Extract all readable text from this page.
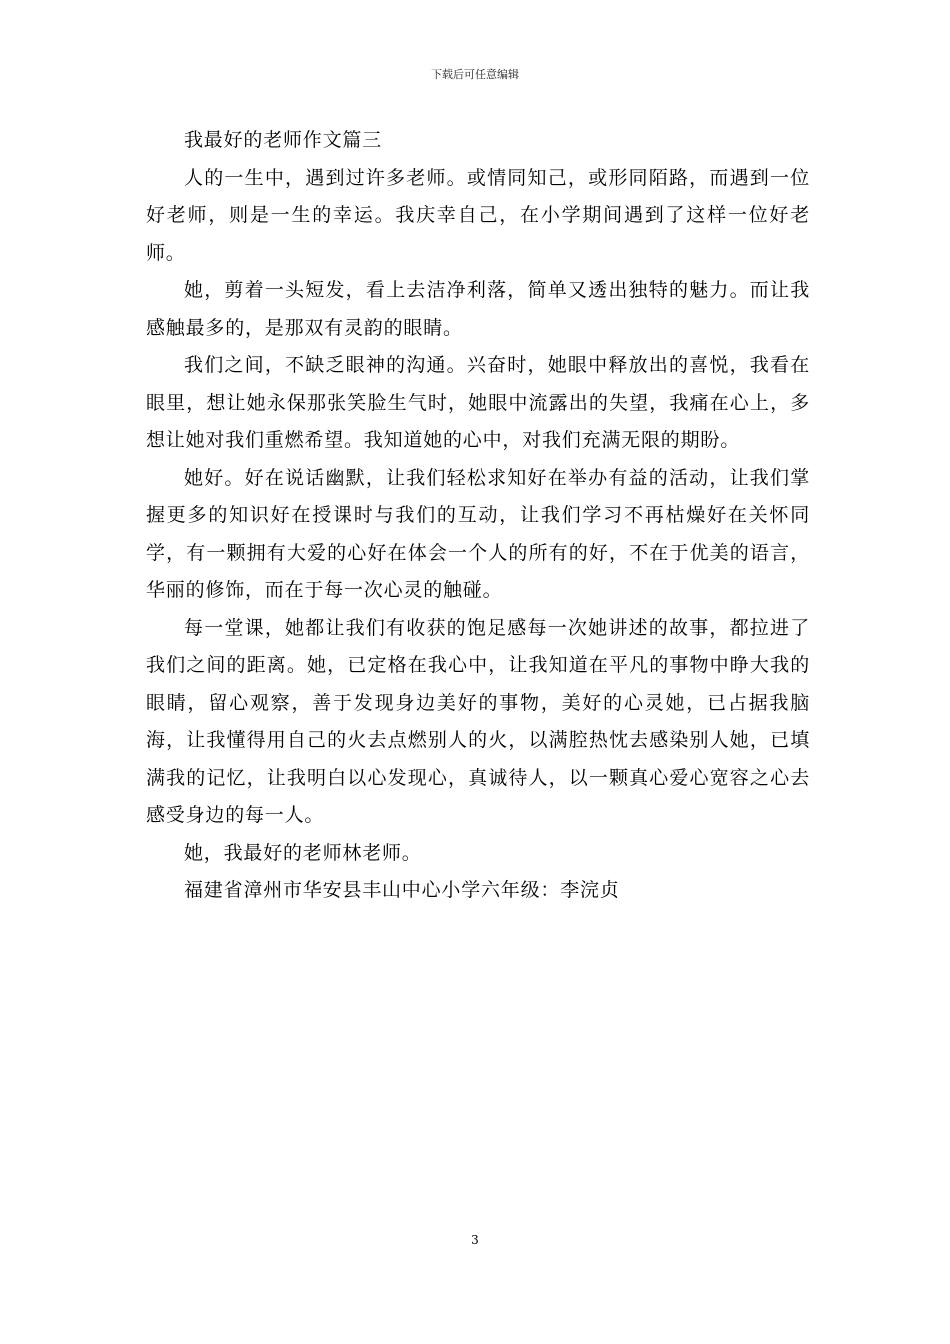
下载后可任意编辑

我最好的老师作文篇三

人的一生中，遇到过许多老师。或情同知己，或形同陌路，而遇到一位好老师，则是一生的幸运。我庆幸自己，在小学期间遇到了这样一位好老师。

她，剪着一头短发，看上去洁净利落，简单又透出独特的魅力。而让我感触最多的，是那双有灵韵的眼睛。

我们之间，不缺乏眼神的沟通。兴奋时，她眼中释放出的喜悦，我看在眼里，想让她永保那张笑脸生气时，她眼中流露出的失望，我痛在心上，多想让她对我们重燃希望。我知道她的心中，对我们充满无限的期盼。

她好。好在说话幽默，让我们轻松求知好在举办有益的活动，让我们掌握更多的知识好在授课时与我们的互动，让我们学习不再枯燥好在关怀同学，有一颗拥有大爱的心好在体会一个人的所有的好，不在于优美的语言，华丽的修饰，而在于每一次心灵的触碰。

每一堂课，她都让我们有收获的饱足感每一次她讲述的故事，都拉进了我们之间的距离。她，已定格在我心中，让我知道在平凡的事物中睁大我的眼睛，留心观察，善于发现身边美好的事物，美好的心灵她，已占据我脑海，让我懂得用自己的火去点燃别人的火，以满腔热忱去感染别人她，已填满我的记忆，让我明白以心发现心，真诚待人，以一颗真心爱心宽容之心去感受身边的每一人。

她，我最好的老师林老师。

福建省漳州市华安县丰山中心小学六年级：李浣贞

3
